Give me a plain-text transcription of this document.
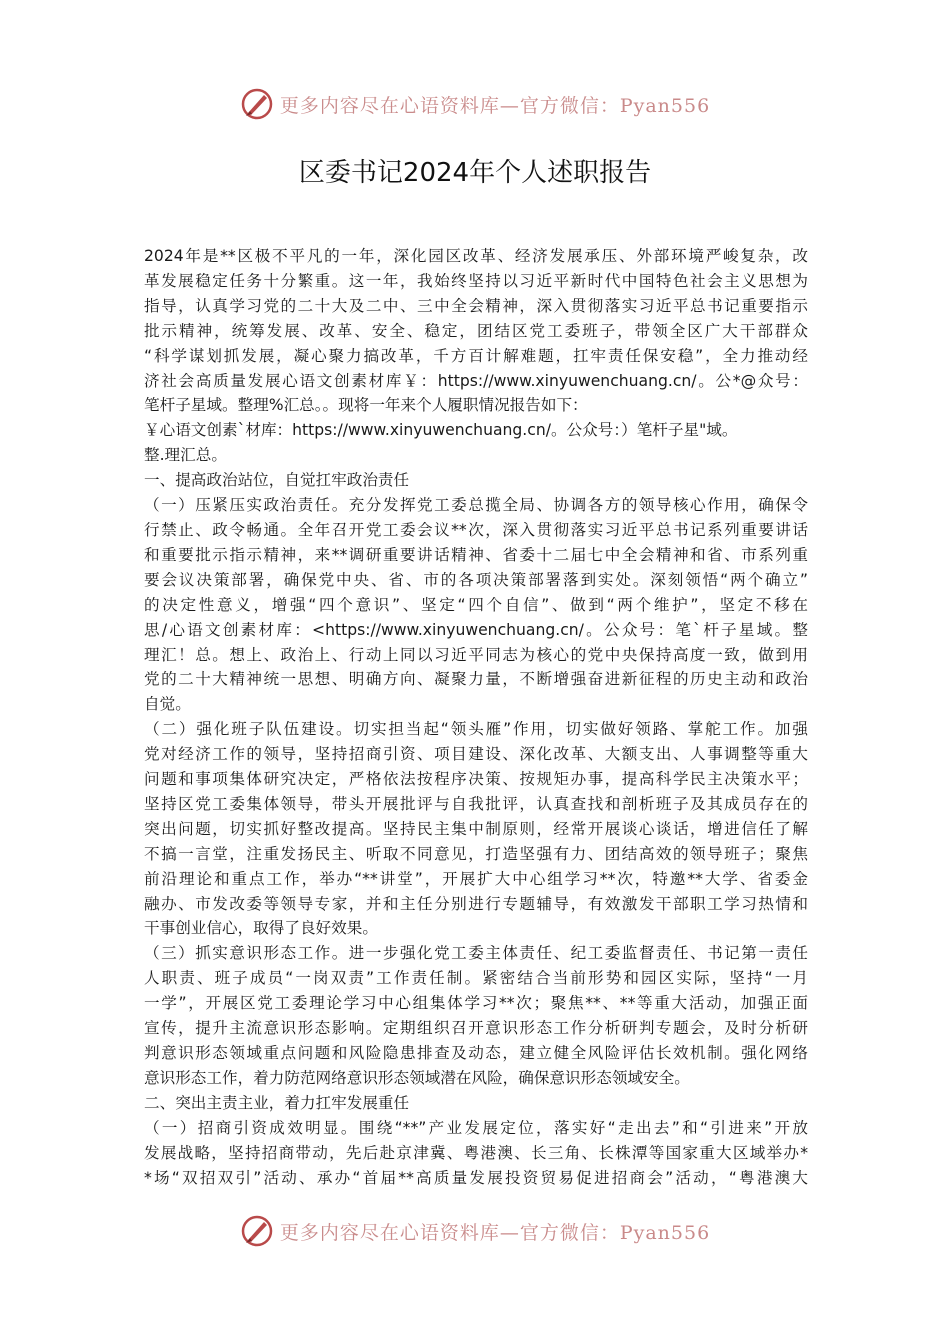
更多内容尽在心语资料库—官方微信：Pyan556
区委书记2024年个人述职报告

2024年是**区极不平凡的一年，深化园区改革、经济发展承压、外部环境严峻复杂，改

革发展稳定任务十分繁重。这一年，我始终坚持以习近平新时代中国特色社会主义思想为

指导，认真学习党的二十大及二中、三中全会精神，深入贯彻落实习近平总书记重要指示

批示精神，统筹发展、改革、安全、稳定，团结区党工委班子，带领全区广大干部群众

“科学谋划抓发展，凝心聚力搞改革，千方百计解难题，扛牢责任保安稳”，全力推动经

济社会高质量发展心语文创素材库￥：https://www.xinyuwenchuang.cn/。公*@众号：

笔杆子星域。整理%汇总。。现将一年来个人履职情况报告如下：

￥心语文创素`材库：https://www.xinyuwenchuang.cn/。公众号：）笔杆子星"域。

整.理汇总。

一、提高政治站位，自觉扛牢政治责任

（一）压紧压实政治责任。充分发挥党工委总揽全局、协调各方的领导核心作用，确保令

行禁止、政令畅通。全年召开党工委会议**次，深入贯彻落实习近平总书记系列重要讲话

和重要批示指示精神，来**调研重要讲话精神、省委十二届七中全会精神和省、市系列重

要会议决策部署，确保党中央、省、市的各项决策部署落到实处。深刻领悟“两个确立”

的决定性意义，增强“四个意识”、坚定“四个自信”、做到“两个维护”，坚定不移在

思/心语文创素材库：<https://www.xinyuwenchuang.cn/。公众号：笔`杆子星域。整

理汇！总。想上、政治上、行动上同以习近平同志为核心的党中央保持高度一致，做到用

党的二十大精神统一思想、明确方向、凝聚力量，不断增强奋进新征程的历史主动和政治

自觉。

（二）强化班子队伍建设。切实担当起“领头雁”作用，切实做好领路、掌舵工作。加强

党对经济工作的领导，坚持招商引资、项目建设、深化改革、大额支出、人事调整等重大

问题和事项集体研究决定，严格依法按程序决策、按规矩办事，提高科学民主决策水平；

坚持区党工委集体领导，带头开展批评与自我批评，认真查找和剖析班子及其成员存在的

突出问题，切实抓好整改提高。坚持民主集中制原则，经常开展谈心谈话，增进信任了解

不搞一言堂，注重发扬民主、听取不同意见，打造坚强有力、团结高效的领导班子；聚焦

前沿理论和重点工作，举办“**讲堂”，开展扩大中心组学习**次，特邀**大学、省委金

融办、市发改委等领导专家，并和主任分别进行专题辅导，有效激发干部职工学习热情和

干事创业信心，取得了良好效果。

（三）抓实意识形态工作。进一步强化党工委主体责任、纪工委监督责任、书记第一责任

人职责、班子成员“一岗双责”工作责任制。紧密结合当前形势和园区实际，坚持“一月

一学”，开展区党工委理论学习中心组集体学习**次；聚焦**、**等重大活动，加强正面

宣传，提升主流意识形态影响。定期组织召开意识形态工作分析研判专题会，及时分析研

判意识形态领域重点问题和风险隐患排查及动态，建立健全风险评估长效机制。强化网络

意识形态工作，着力防范网络意识形态领域潜在风险，确保意识形态领域安全。

二、突出主责主业，着力扛牢发展重任

（一）招商引资成效明显。围绕“**”产业发展定位，落实好“走出去”和“引进来”开放

发展战略，坚持招商带动，先后赴京津冀、粤港澳、长三角、长株潭等国家重大区域举办*

*场“双招双引”活动、承办“首届**高质量发展投资贸易促进招商会”活动，“粤港澳大

更多内容尽在心语资料库—官方微信：Pyan556
